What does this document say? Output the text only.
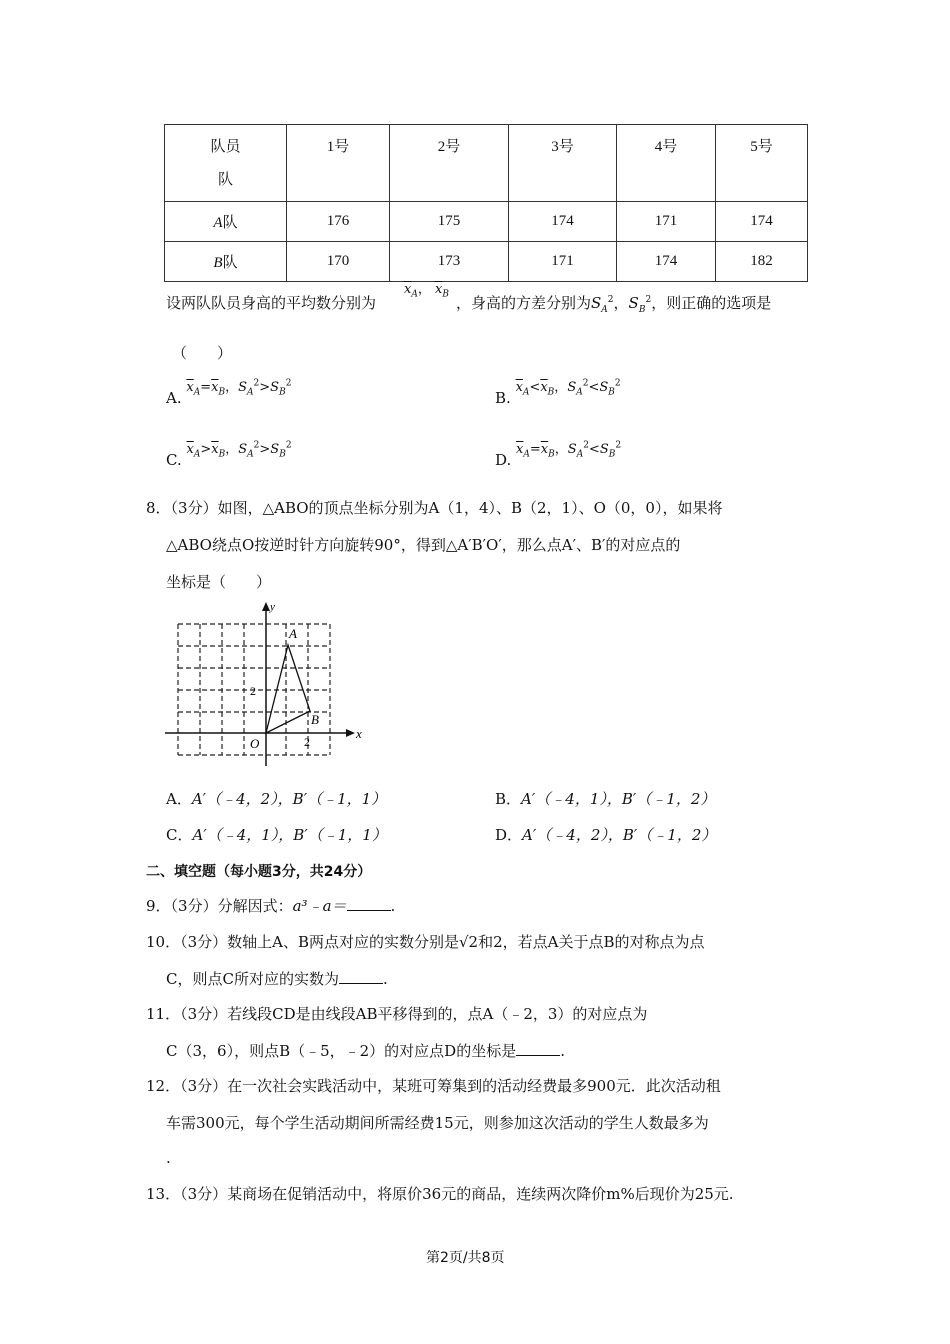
队员
队	1号	2号	3号	4号	5号
A队	176	175	174	171	174
B队	170	173	171	174	182
$\overline{x}_A$， $\overline{x}_B$
设两队队员身高的平均数分别为	，身高的方差分别为$S_A^2$，$S_B^2$，则正确的选项是
（　　）
A. $\overline{x}_A=\overline{x}_B$，$S_A^2>S_B^2$
B. $\overline{x}_A<\overline{x}_B$，$S_A^2<S_B^2$
C. $\overline{x}_A>\overline{x}_B$，$S_A^2>S_B^2$
D. $\overline{x}_A=\overline{x}_B$，$S_A^2<S_B^2$
8．（3分）如图，△ABO的顶点坐标分别为A（1，4）、B（2，1）、O（0，0），如果将
△ABO绕点O按逆时针方向旋转90°，得到△A′B′O′，那么点A′、B′的对应点的
坐标是（　　）
y
x
A
B
O
2
2
A．A′（﹣4，2），B′（﹣1，1）	B．A′（﹣4，1），B′（﹣1，2）
C．A′（﹣4，1），B′（﹣1，1）	D．A′（﹣4，2），B′（﹣1，2）
二、填空题（每小题3分，共24分）
9．（3分）分解因式：a³﹣a＝	.
10．（3分）数轴上A、B两点对应的实数分别是√2和2，若点A关于点B的对称点为点
C，则点C所对应的实数为	.
11．（3分）若线段CD是由线段AB平移得到的，点A（﹣2，3）的对应点为
C（3，6），则点B（﹣5，﹣2）的对应点D的坐标是	.
12．（3分）在一次社会实践活动中，某班可筹集到的活动经费最多900元．此次活动租
车需300元，每个学生活动期间所需经费15元，则参加这次活动的学生人数最多为
.
13．（3分）某商场在促销活动中，将原价36元的商品，连续两次降价m%后现价为25元.
第2页/共8页
